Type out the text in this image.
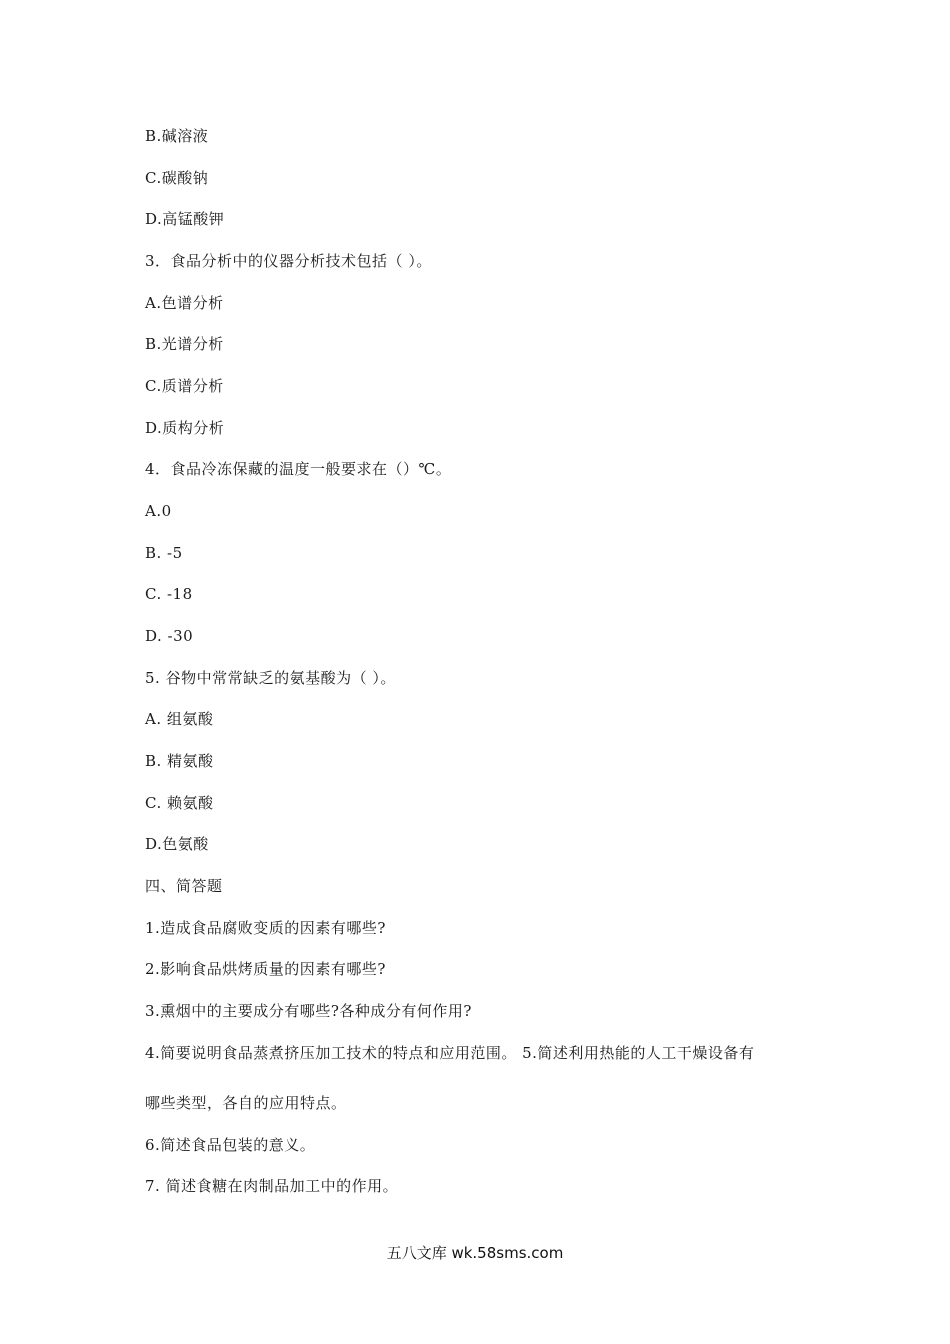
B.碱溶液
C.碳酸钠
D.高锰酸钾
3．食品分析中的仪器分析技术包括（ ）。
A.色谱分析
B.光谱分析
C.质谱分析
D.质构分析
4．食品冷冻保藏的温度一般要求在（）℃。
A.0
B. -5
C. -18
D. -30
5. 谷物中常常缺乏的氨基酸为（ ）。
A. 组氨酸
B. 精氨酸
C. 赖氨酸
D.色氨酸
四、简答题
1.造成食品腐败变质的因素有哪些?
2.影响食品烘烤质量的因素有哪些?
3.熏烟中的主要成分有哪些?各种成分有何作用?
4.简要说明食品蒸煮挤压加工技术的特点和应用范围。 5.简述利用热能的人工干燥设备有
哪些类型，各自的应用特点。
6.简述食品包装的意义。
7. 简述食糖在肉制品加工中的作用。
五八文库 wk.58sms.com
